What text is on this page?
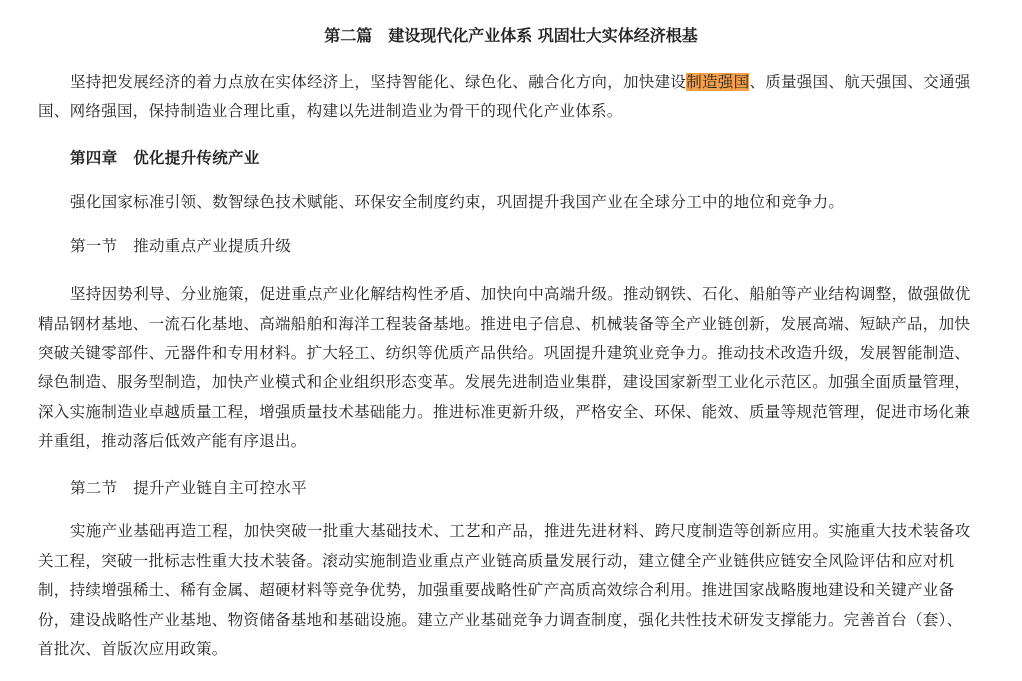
第二篇　建设现代化产业体系 巩固壮大实体经济根基
坚持把发展经济的着力点放在实体经济上，坚持智能化、绿色化、融合化方向，加快建设制造强国、质量强国、航天强国、交通强
国、网络强国，保持制造业合理比重，构建以先进制造业为骨干的现代化产业体系。
第四章　优化提升传统产业
强化国家标准引领、数智绿色技术赋能、环保安全制度约束，巩固提升我国产业在全球分工中的地位和竞争力。
第一节　推动重点产业提质升级
坚持因势利导、分业施策，促进重点产业化解结构性矛盾、加快向中高端升级。推动钢铁、石化、船舶等产业结构调整，做强做优
精品钢材基地、一流石化基地、高端船舶和海洋工程装备基地。推进电子信息、机械装备等全产业链创新，发展高端、短缺产品，加快
突破关键零部件、元器件和专用材料。扩大轻工、纺织等优质产品供给。巩固提升建筑业竞争力。推动技术改造升级，发展智能制造、
绿色制造、服务型制造，加快产业模式和企业组织形态变革。发展先进制造业集群，建设国家新型工业化示范区。加强全面质量管理，
深入实施制造业卓越质量工程，增强质量技术基础能力。推进标准更新升级，严格安全、环保、能效、质量等规范管理，促进市场化兼
并重组，推动落后低效产能有序退出。
第二节　提升产业链自主可控水平
实施产业基础再造工程，加快突破一批重大基础技术、工艺和产品，推进先进材料、跨尺度制造等创新应用。实施重大技术装备攻
关工程，突破一批标志性重大技术装备。滚动实施制造业重点产业链高质量发展行动，建立健全产业链供应链安全风险评估和应对机
制，持续增强稀土、稀有金属、超硬材料等竞争优势，加强重要战略性矿产高质高效综合利用。推进国家战略腹地建设和关键产业备
份，建设战略性产业基地、物资储备基地和基础设施。建立产业基础竞争力调查制度，强化共性技术研发支撑能力。完善首台（套）、
首批次、首版次应用政策。
